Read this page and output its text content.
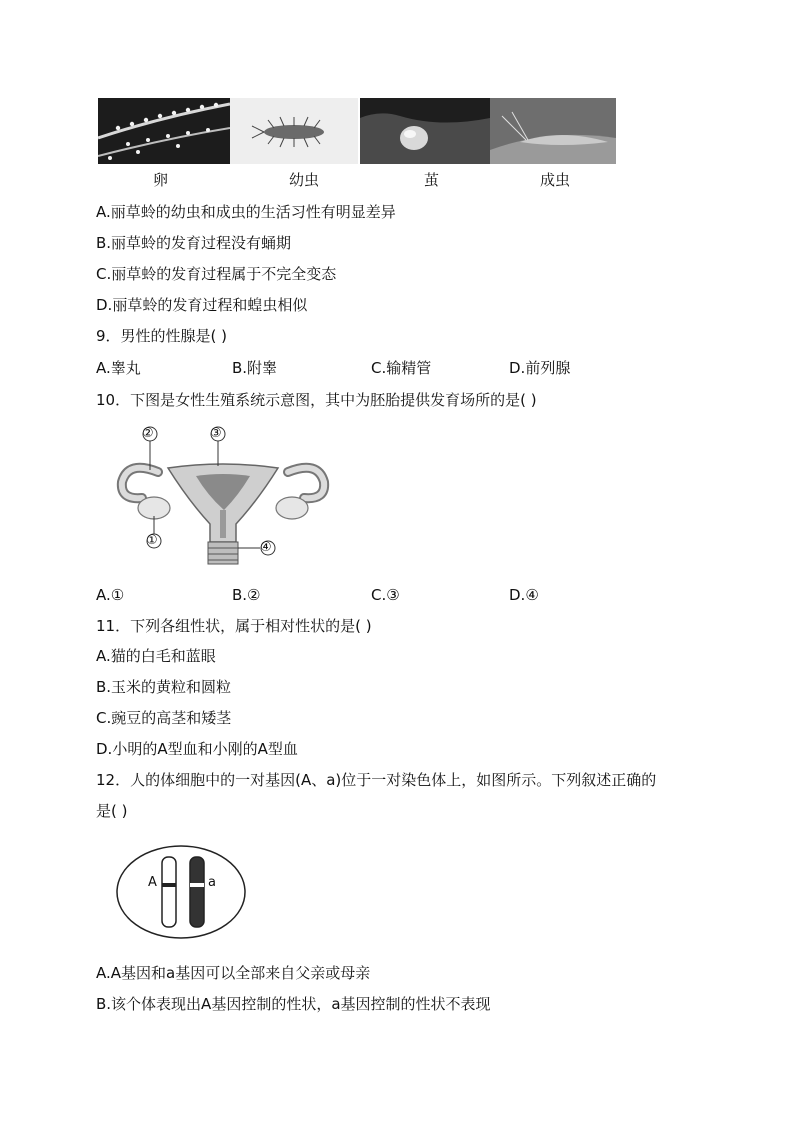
卵	幼虫	茧	成虫
A.丽草蛉的幼虫和成虫的生活习性有明显差异
B.丽草蛉的发育过程没有蛹期
C.丽草蛉的发育过程属于不完全变态
D.丽草蛉的发育过程和蝗虫相似
9．男性的性腺是( )
A.睾丸	B.附睾	C.输精管	D.前列腺
10．下图是女性生殖系统示意图，其中为胚胎提供发育场所的是( )
②	③
①	④
A.①	B.②	C.③	D.④
11．下列各组性状，属于相对性状的是( )
A.猫的白毛和蓝眼
B.玉米的黄粒和圆粒
C.豌豆的高茎和矮茎
D.小明的A型血和小刚的A型血
12．人的体细胞中的一对基因(A、a)位于一对染色体上，如图所示。下列叙述正确的
是( )
A	a
A.A基因和a基因可以全部来自父亲或母亲
B.该个体表现出A基因控制的性状，a基因控制的性状不表现
